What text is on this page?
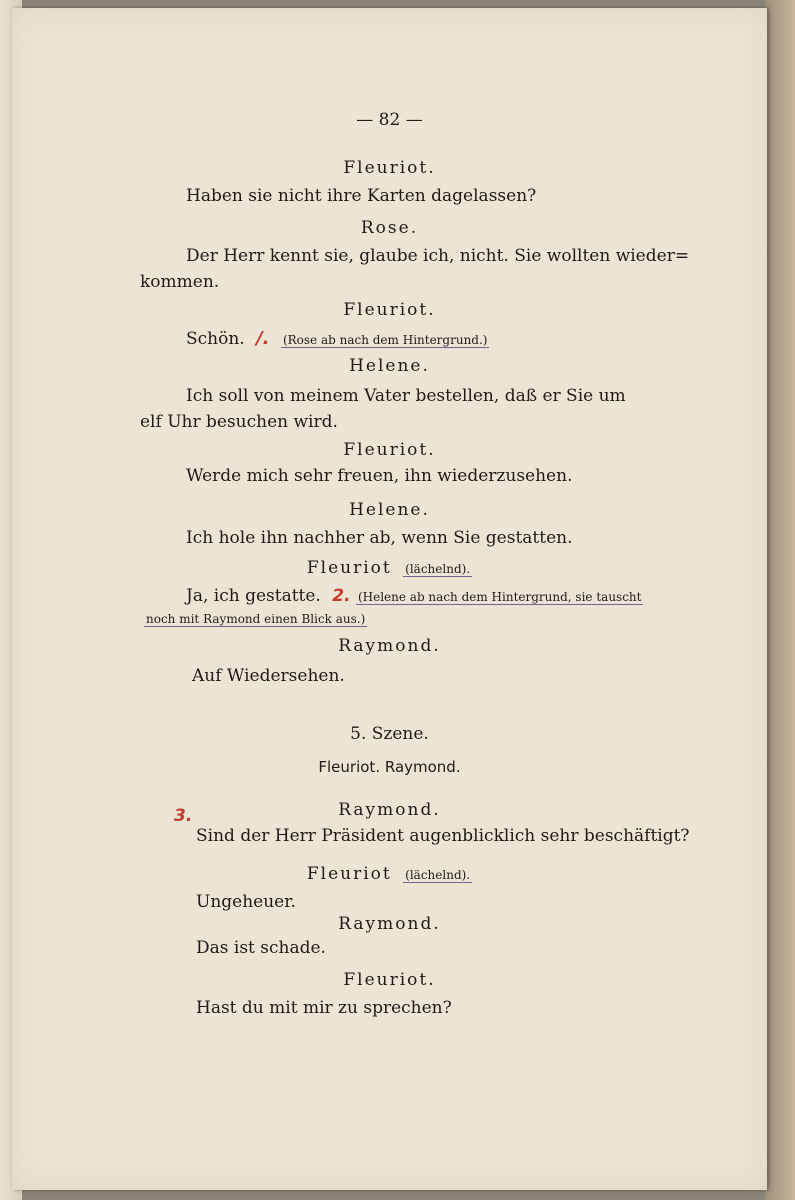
— 82 —
Fleuriot.
Haben sie nicht ihre Karten dagelassen?
Rose.
Der Herr kennt sie, glaube ich, nicht. Sie wollten wieder=
kommen.
Fleuriot.
Schön. /. (Rose ab nach dem Hintergrund.)
Helene.
Ich soll von meinem Vater bestellen, daß er Sie um
elf Uhr besuchen wird.
Fleuriot.
Werde mich sehr freuen, ihn wiederzusehen.
Helene.
Ich hole ihn nachher ab, wenn Sie gestatten.
Fleuriot (lächelnd).
Ja, ich gestatte. 2. (Helene ab nach dem Hintergrund, sie tauscht
noch mit Raymond einen Blick aus.)
Raymond.
Auf Wiedersehen.
5. Szene.
Fleuriot. Raymond.
Raymond.
3.
Sind der Herr Präsident augenblicklich sehr beschäftigt?
Fleuriot (lächelnd).
Ungeheuer.
Raymond.
Das ist schade.
Fleuriot.
Hast du mit mir zu sprechen?
